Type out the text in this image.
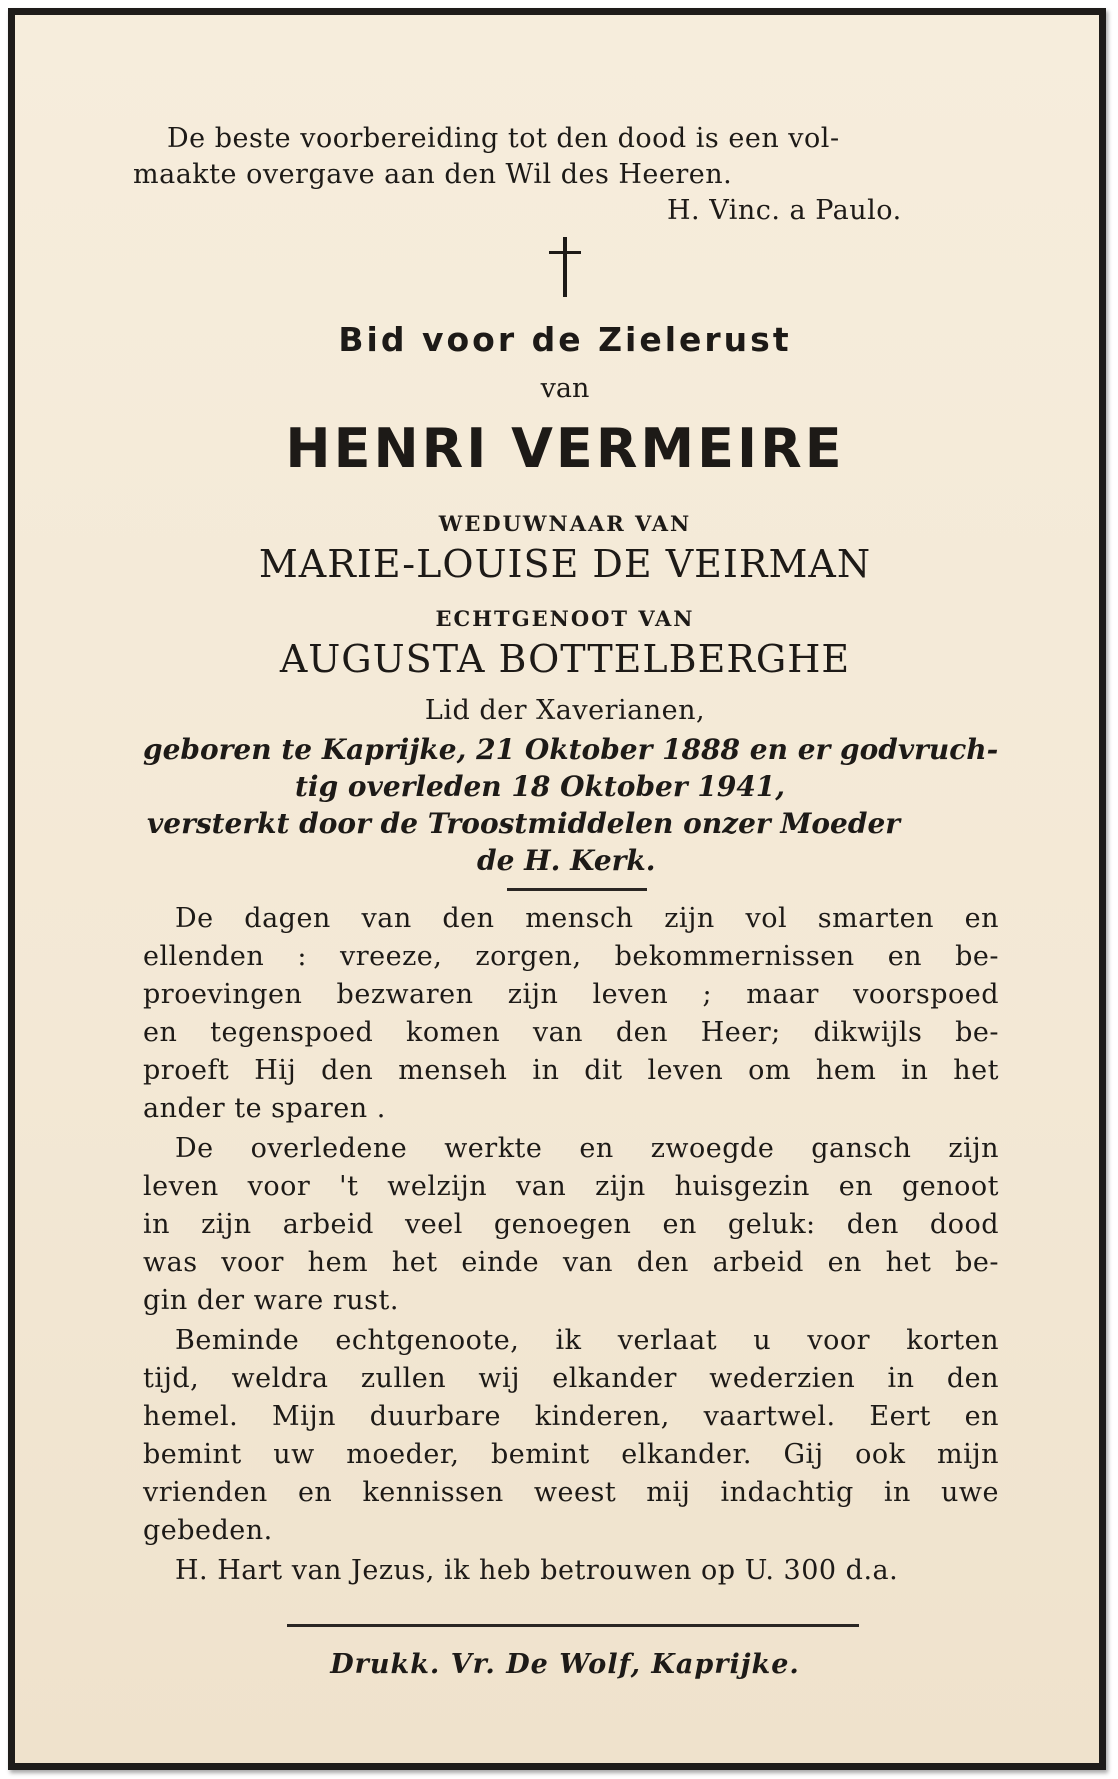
De beste voorbereiding tot den dood is een vol-
maakte overgave aan den Wil des Heeren.
H. Vinc. a Paulo.
Bid voor de Zielerust
van
HENRI VERMEIRE
WEDUWNAAR VAN
MARIE-LOUISE DE VEIRMAN
ECHTGENOOT VAN
AUGUSTA BOTTELBERGHE
Lid der Xaverianen,
geboren te Kaprijke, 21 Oktober 1888 en er godvruch-
tig overleden 18 Oktober 1941,
versterkt door de Troostmiddelen onzer Moeder
de H. Kerk.
De dagen van den mensch zijn vol smarten en
ellenden : vreeze, zorgen, bekommernissen en be-
proevingen bezwaren zijn leven ; maar voorspoed
en tegenspoed komen van den Heer; dikwijls be-
proeft Hij den menseh in dit leven om hem in het
ander te sparen .
De overledene werkte en zwoegde gansch zijn
leven voor 't welzijn van zijn huisgezin en genoot
in zijn arbeid veel genoegen en geluk: den dood
was voor hem het einde van den arbeid en het be-
gin der ware rust.
Beminde echtgenoote, ik verlaat u voor korten
tijd, weldra zullen wij elkander wederzien in den
hemel. Mijn duurbare kinderen, vaartwel. Eert en
bemint uw moeder, bemint elkander. Gij ook mijn
vrienden en kennissen weest mij indachtig in uwe
gebeden.
H. Hart van Jezus, ik heb betrouwen op U. 300 d.a.
Drukk. Vr. De Wolf, Kaprijke.
